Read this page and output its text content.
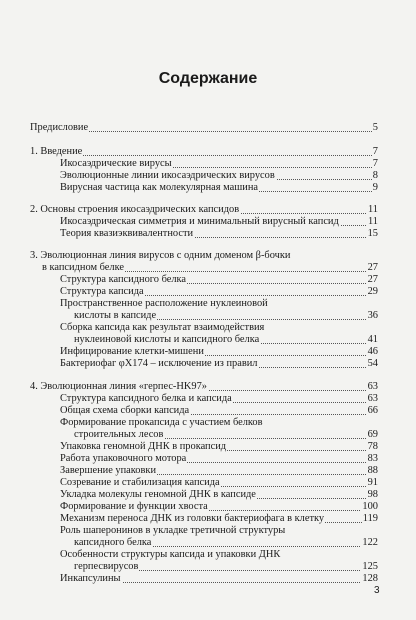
Содержание
Предисловие	5
1. Введение	7
Икосаэдрические вирусы	7
Эволюционные линии икосаэдрических вирусов	8
Вирусная частица как молекулярная машина	9
2. Основы строения икосаэдрических капсидов	11
Икосаэдрическая симметрия и минимальный вирусный капсид	11
Теория квазиэквивалентности	15
3. Эволюционная линия вирусов с одним доменом β-бочки
в капсидном белке	27
Структура капсидного белка	27
Структура капсида	29
Пространственное расположение нуклеиновой
кислоты в капсиде	36
Сборка капсида как результат взаимодействия
нуклеиновой кислоты и капсидного белка	41
Инфицирование клетки-мишени	46
Бактериофаг φX174 – исключение из правил	54
4. Эволюционная линия «герпес-HK97»	63
Структура капсидного белка и капсида	63
Общая схема сборки капсида	66
Формирование прокапсида с участием белков
строительных лесов	69
Упаковка геномной ДНК в прокапсид	78
Работа упаковочного мотора	83
Завершение упаковки	88
Созревание и стабилизация капсида	91
Укладка молекулы геномной ДНК в капсиде	98
Формирование и функции хвоста	100
Механизм переноса ДНК из головки бактериофага в клетку	119
Роль шаперонинов в укладке третичной структуры
капсидного белка	122
Особенности структуры капсида и упаковки ДНК
герпесвирусов	125
Инкапсулины	128
3
